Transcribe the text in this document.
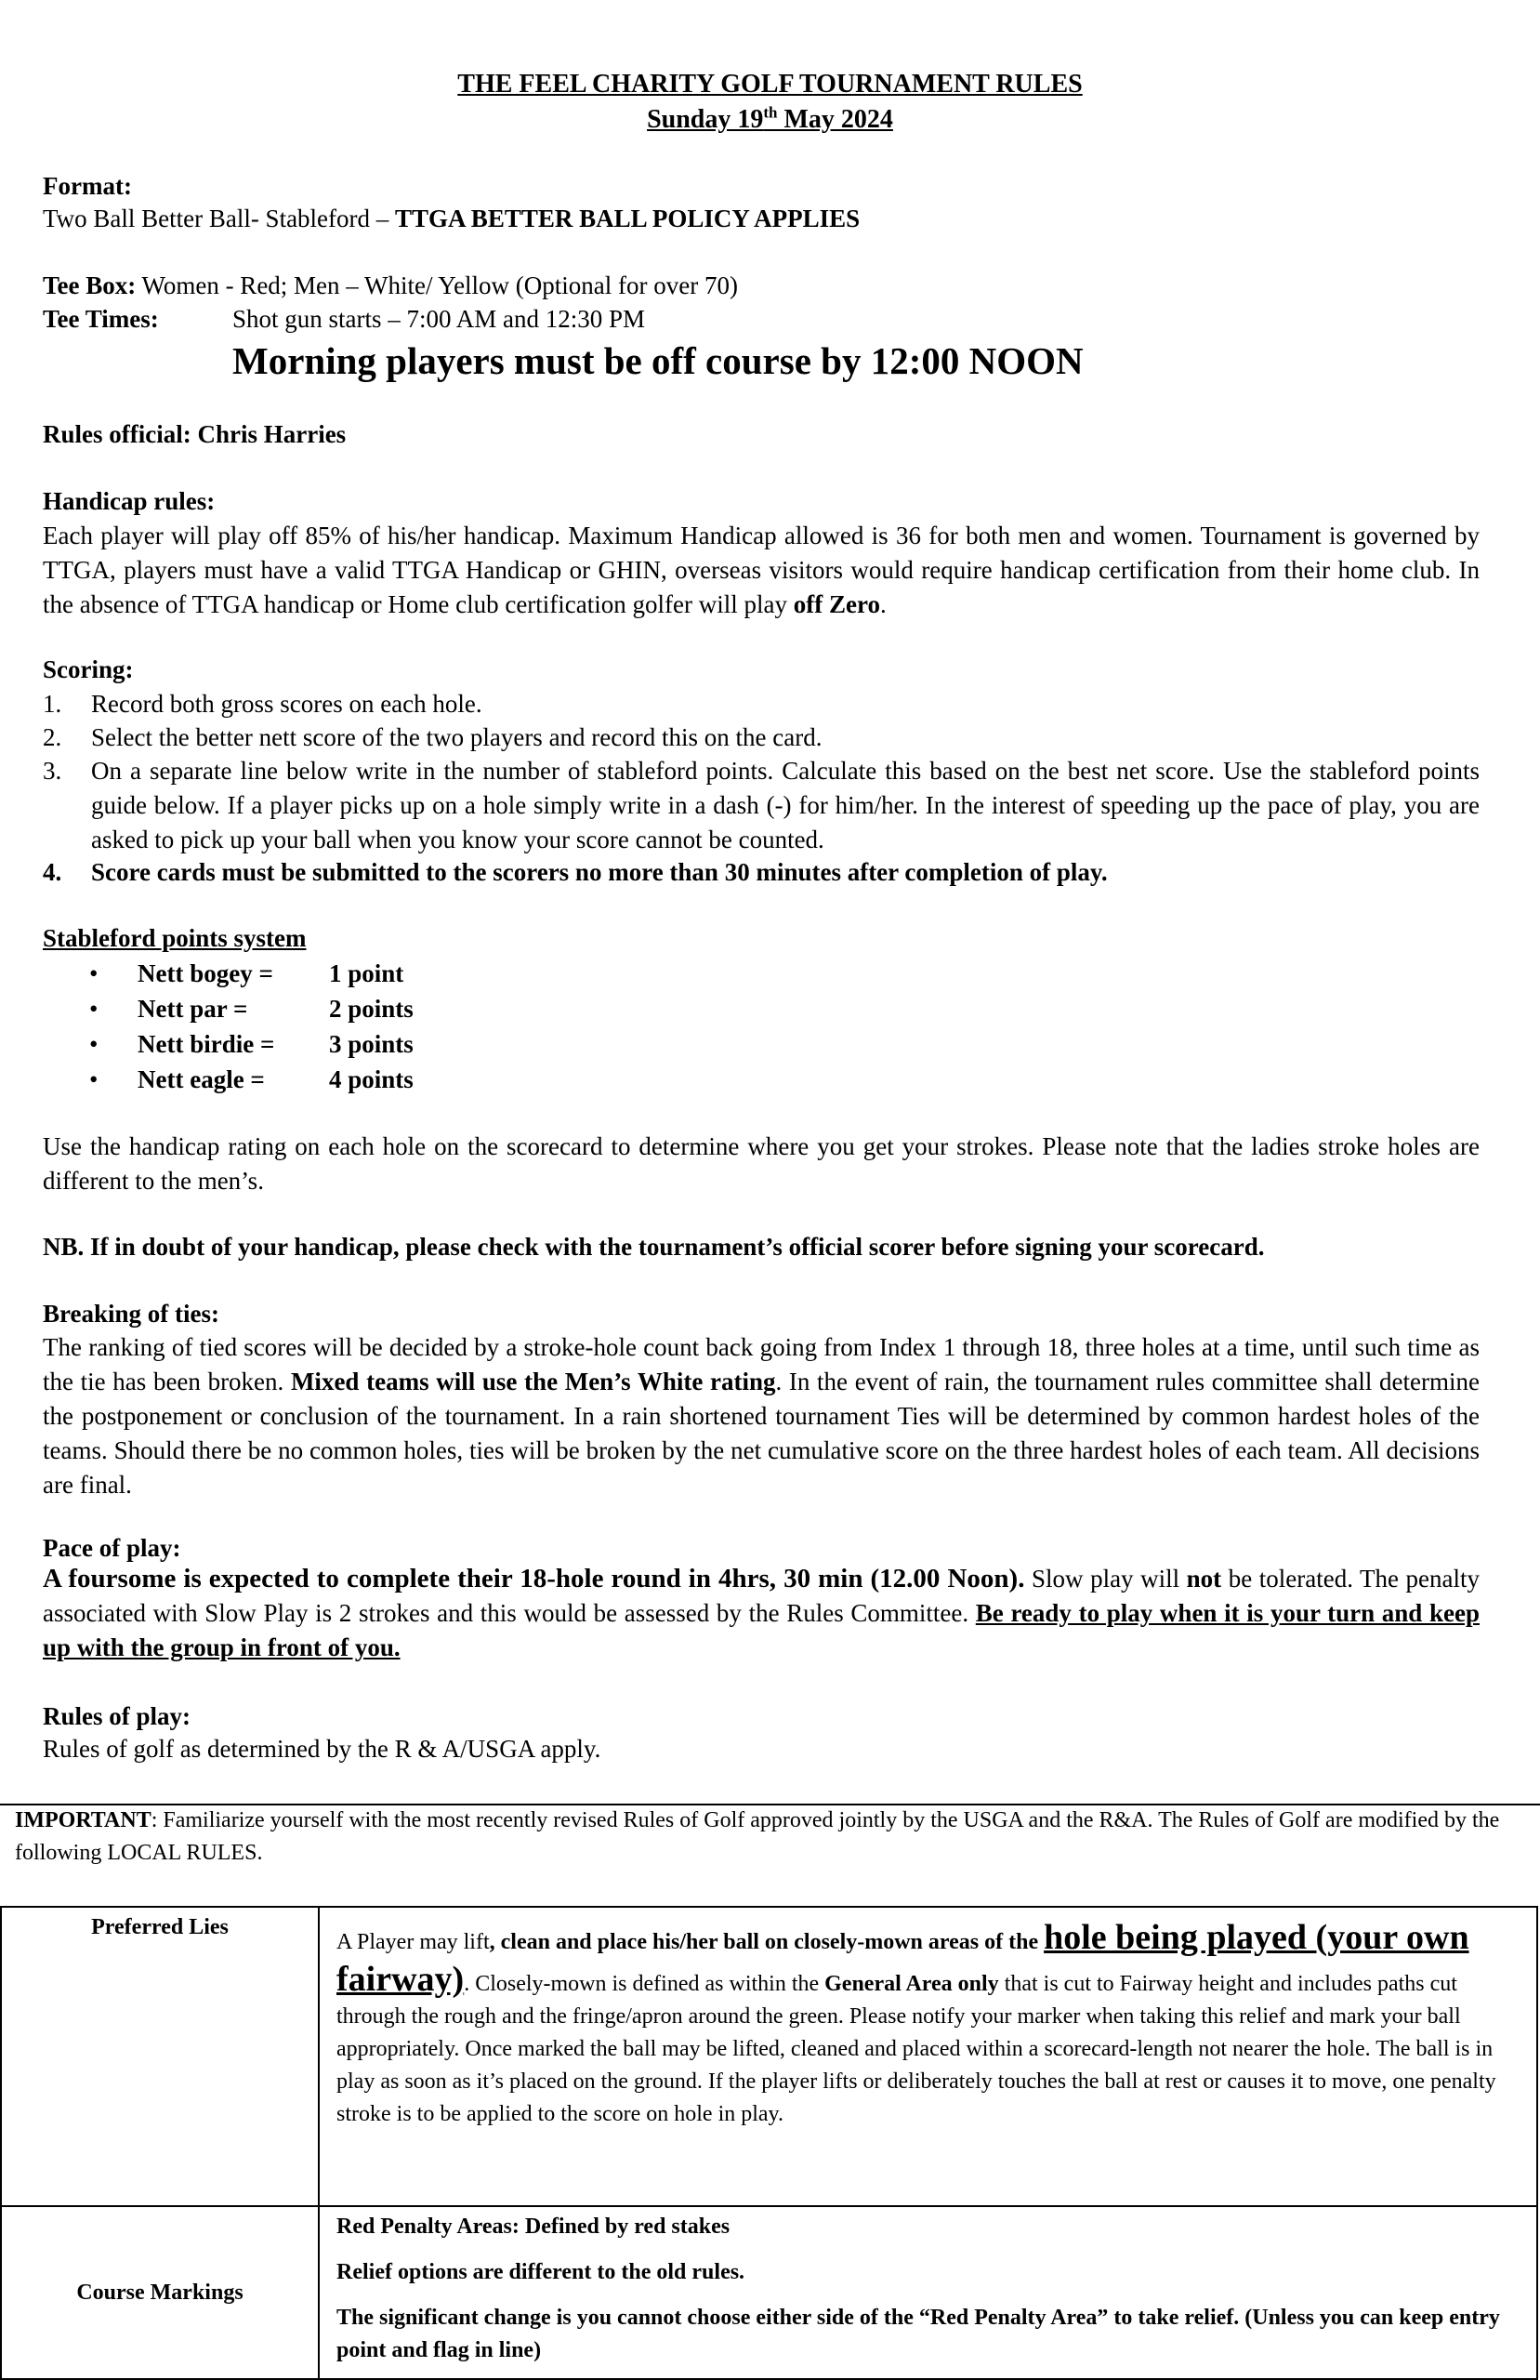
THE FEEL CHARITY GOLF TOURNAMENT RULES
Sunday 19th May 2024
Format:
Two Ball Better Ball- Stableford – TTGA BETTER BALL POLICY APPLIES
Tee Box: Women - Red; Men – White/ Yellow (Optional for over 70)
Tee Times:	Shot gun starts – 7:00 AM and 12:30 PM
Morning players must be off course by 12:00 NOON
Rules official: Chris Harries
Handicap rules:
Each player will play off 85% of his/her handicap. Maximum Handicap allowed is 36 for both men and women. Tournament is governed by TTGA, players must have a valid TTGA Handicap or GHIN, overseas visitors would require handicap certification from their home club. In the absence of TTGA handicap or Home club certification golfer will play off Zero.
Scoring:
1.	Record both gross scores on each hole.
2.	Select the better nett score of the two players and record this on the card.
3.	On a separate line below write in the number of stableford points. Calculate this based on the best net score. Use the stableford points guide below. If a player picks up on a hole simply write in a dash (-) for him/her. In the interest of speeding up the pace of play, you are asked to pick up your ball when you know your score cannot be counted.
4.	Score cards must be submitted to the scorers no more than 30 minutes after completion of play.
Stableford points system
•	Nett bogey =	1 point
•	Nett par =	2 points
•	Nett birdie =	3 points
•	Nett eagle =	4 points
Use the handicap rating on each hole on the scorecard to determine where you get your strokes. Please note that the ladies stroke holes are different to the men’s.
NB. If in doubt of your handicap, please check with the tournament’s official scorer before signing your scorecard.
Breaking of ties:
The ranking of tied scores will be decided by a stroke-hole count back going from Index 1 through 18, three holes at a time, until such time as the tie has been broken. Mixed teams will use the Men’s White rating. In the event of rain, the tournament rules committee shall determine the postponement or conclusion of the tournament. In a rain shortened tournament Ties will be determined by common hardest holes of the teams. Should there be no common holes, ties will be broken by the net cumulative score on the three hardest holes of each team. All decisions are final.
Pace of play:
A foursome is expected to complete their 18-hole round in 4hrs, 30 min (12.00 Noon). Slow play will not be tolerated. The penalty associated with Slow Play is 2 strokes and this would be assessed by the Rules Committee. Be ready to play when it is your turn and keep up with the group in front of you.
Rules of play:
Rules of golf as determined by the R & A/USGA apply.
IMPORTANT: Familiarize yourself with the most recently revised Rules of Golf approved jointly by the USGA and the R&A. The Rules of Golf are modified by the following LOCAL RULES.
Preferred Lies	A Player may lift, clean and place his/her ball on closely-mown areas of the hole being played (your own fairway). Closely-mown is defined as within the General Area only that is cut to Fairway height and includes paths cut through the rough and the fringe/apron around the green. Please notify your marker when taking this relief and mark your ball appropriately. Once marked the ball may be lifted, cleaned and placed within a scorecard-length not nearer the hole. The ball is in play as soon as it’s placed on the ground. If the player lifts or deliberately touches the ball at rest or causes it to move, one penalty stroke is to be applied to the score on hole in play.
Course Markings	Red Penalty Areas: Defined by red stakes
Relief options are different to the old rules.
The significant change is you cannot choose either side of the “Red Penalty Area” to take relief. (Unless you can keep entry point and flag in line)
